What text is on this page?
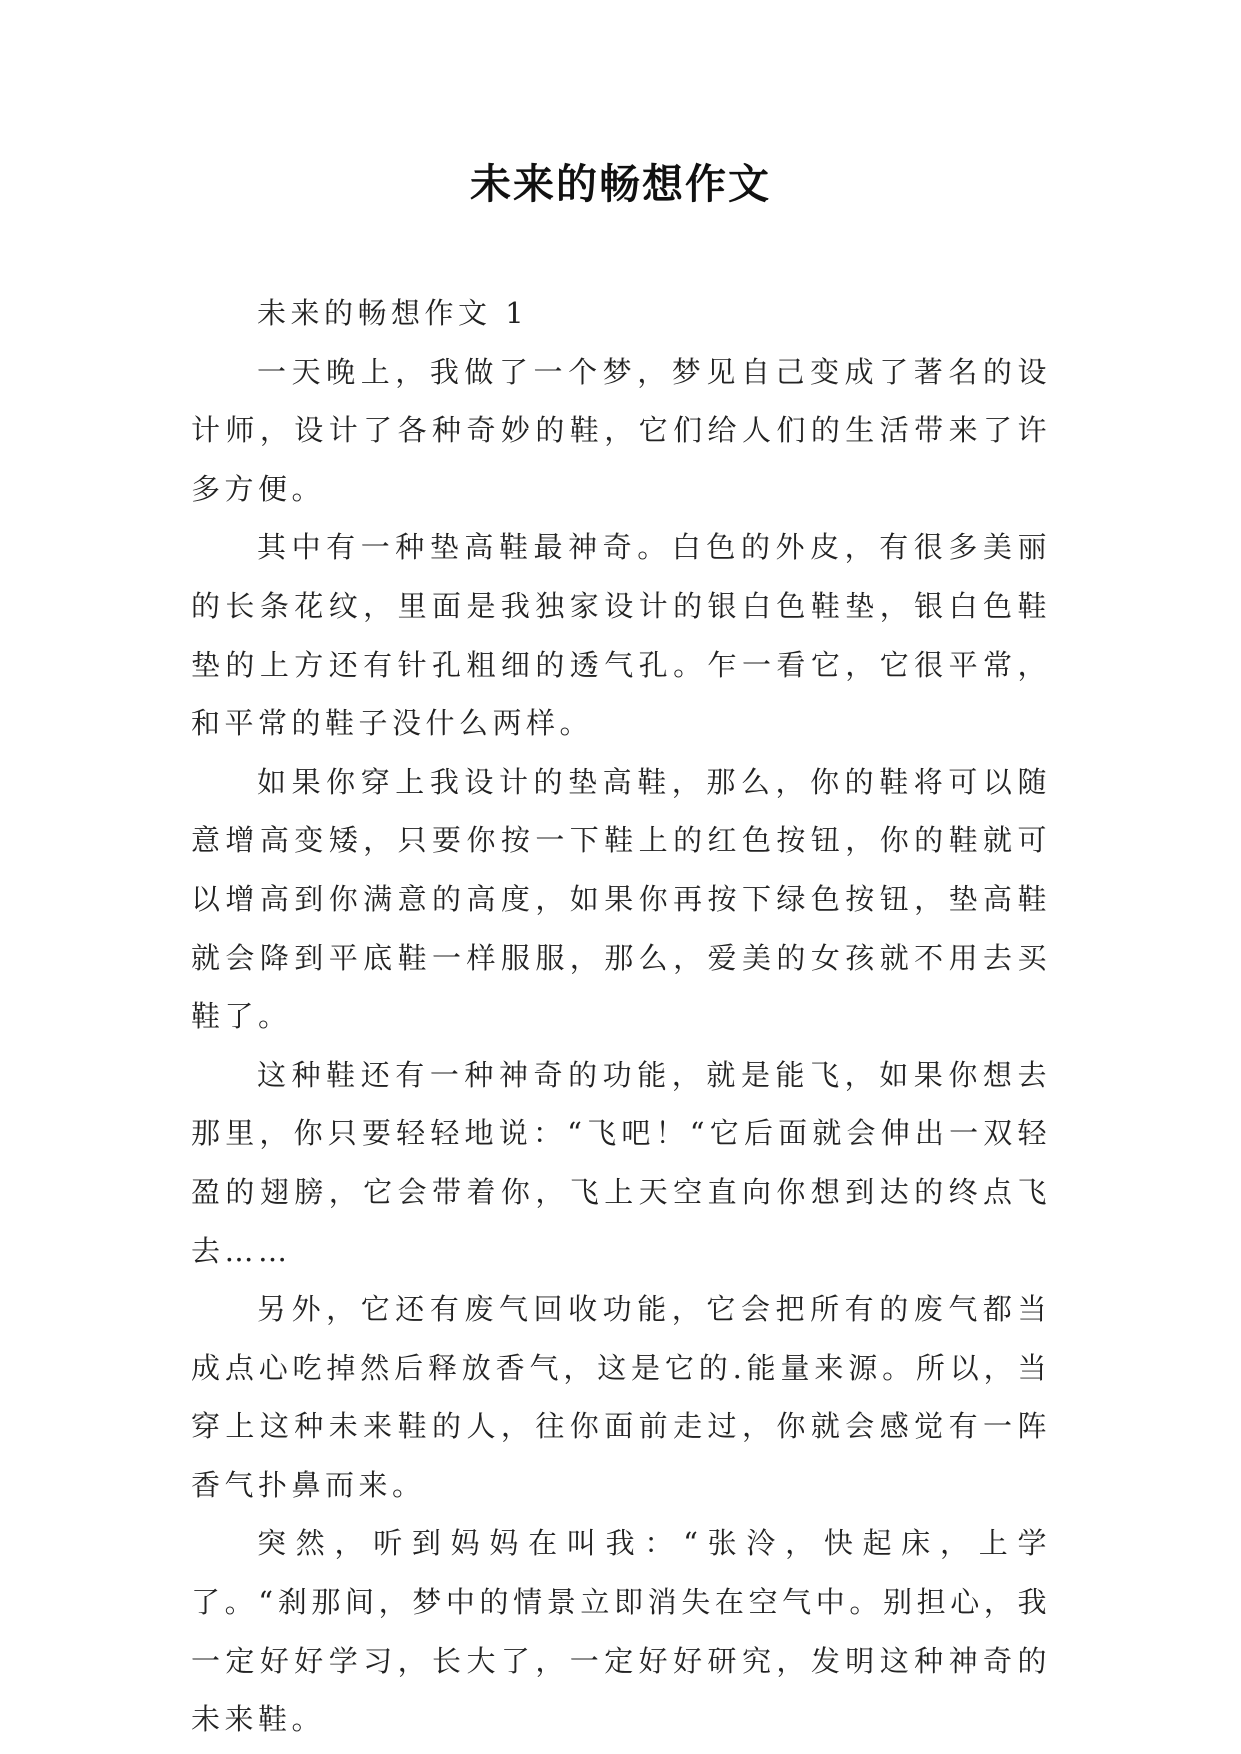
未来的畅想作文

未来的畅想作文 1

一天晚上，我做了一个梦，梦见自己变成了著名的设计师，设计了各种奇妙的鞋，它们给人们的生活带来了许多方便。

其中有一种垫高鞋最神奇。白色的外皮，有很多美丽的长条花纹，里面是我独家设计的银白色鞋垫，银白色鞋垫的上方还有针孔粗细的透气孔。乍一看它，它很平常，和平常的鞋子没什么两样。

如果你穿上我设计的垫高鞋，那么，你的鞋将可以随意增高变矮，只要你按一下鞋上的红色按钮，你的鞋就可以增高到你满意的高度，如果你再按下绿色按钮，垫高鞋就会降到平底鞋一样服服，那么，爱美的女孩就不用去买鞋了。

这种鞋还有一种神奇的功能，就是能飞，如果你想去那里，你只要轻轻地说：“飞吧！“它后面就会伸出一双轻盈的翅膀，它会带着你，飞上天空直向你想到达的终点飞去……

另外，它还有废气回收功能，它会把所有的废气都当成点心吃掉然后释放香气，这是它的.能量来源。所以，当穿上这种未来鞋的人，往你面前走过，你就会感觉有一阵香气扑鼻而来。

突然，听到妈妈在叫我：“张泠，快起床，上学了。“刹那间，梦中的情景立即消失在空气中。别担心，我一定好好学习，长大了，一定好好研究，发明这种神奇的未来鞋。
